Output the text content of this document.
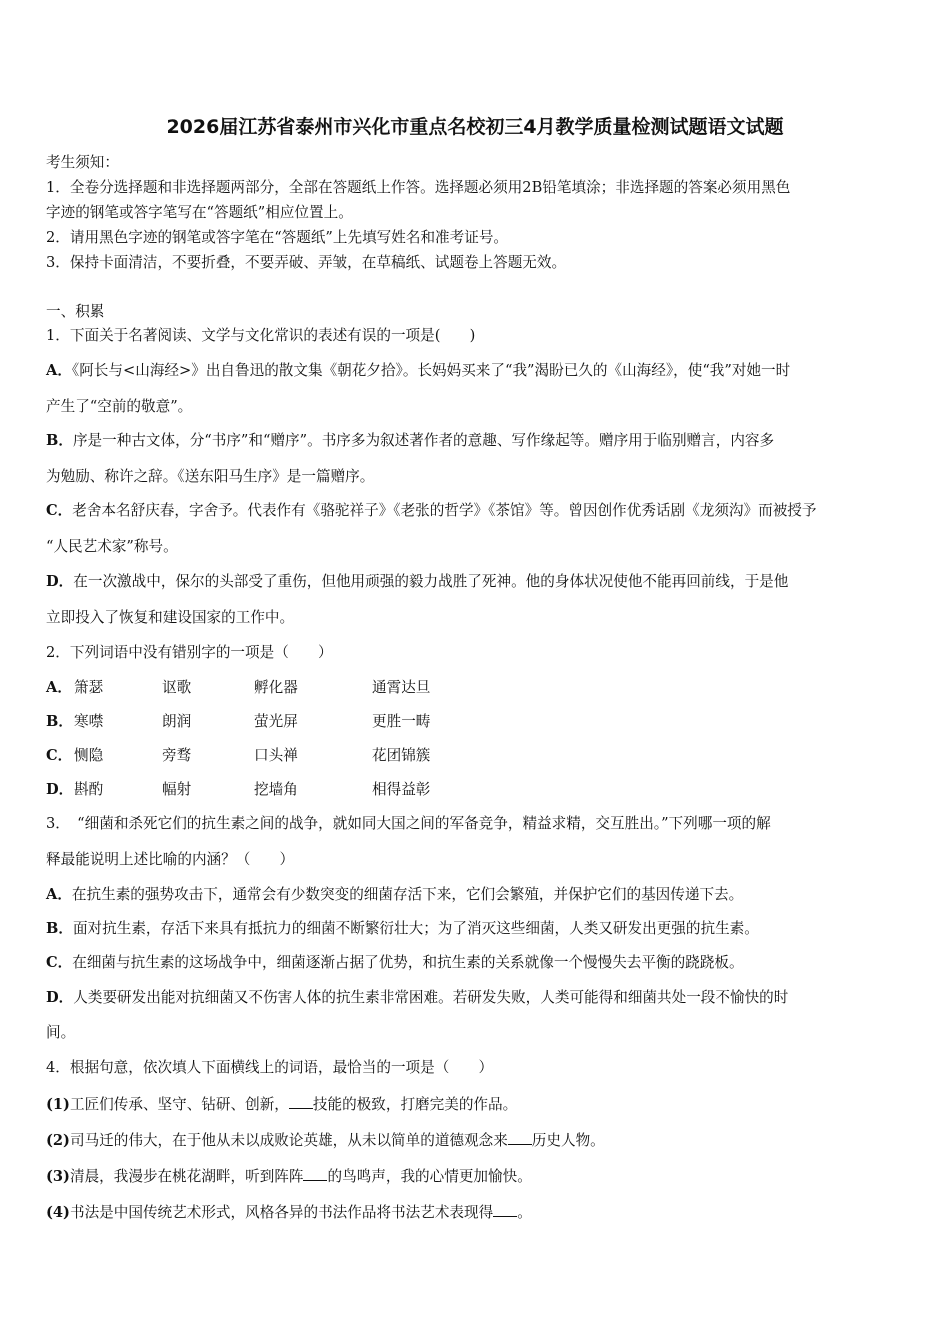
2026届江苏省泰州市兴化市重点名校初三4月教学质量检测试题语文试题
考生须知：
1．全卷分选择题和非选择题两部分，全部在答题纸上作答。选择题必须用2B铅笔填涂；非选择题的答案必须用黑色
字迹的钢笔或答字笔写在“答题纸”相应位置上。
2．请用黑色字迹的钢笔或答字笔在“答题纸”上先填写姓名和准考证号。
3．保持卡面清洁，不要折叠，不要弄破、弄皱，在草稿纸、试题卷上答题无效。
一、积累
1．下面关于名著阅读、文学与文化常识的表述有误的一项是(　　)
A．《阿长与<山海经>》出自鲁迅的散文集《朝花夕拾》。长妈妈买来了“我”渴盼已久的《山海经》，使“我”对她一时
产生了“空前的敬意”。
B．序是一种古文体，分“书序”和“赠序”。书序多为叙述著作者的意趣、写作缘起等。赠序用于临别赠言，内容多
为勉励、称许之辞。《送东阳马生序》是一篇赠序。
C．老舍本名舒庆春，字舍予。代表作有《骆驼祥子》《老张的哲学》《茶馆》等。曾因创作优秀话剧《龙须沟》而被授予
“人民艺术家”称号。
D．在一次激战中，保尔的头部受了重伤，但他用顽强的毅力战胜了死神。他的身体状况使他不能再回前线，于是他
立即投入了恢复和建设国家的工作中。
2．下列词语中没有错别字的一项是（　　）
A． 箫瑟	讴歌	孵化器	通霄达旦
B．寒噤	朗润	萤光屏	更胜一畴
C． 恻隐	旁骛	口头禅	花团锦簇
D．斟酌	幅射	挖墙角	相得益彰
3．　“细菌和杀死它们的抗生素之间的战争，就如同大国之间的军备竞争，精益求精，交互胜出。”下列哪一项的解
释最能说明上述比喻的内涵？（　　）
A．在抗生素的强势攻击下，通常会有少数突变的细菌存活下来，它们会繁殖，并保护它们的基因传递下去。
B．面对抗生素，存活下来具有抵抗力的细菌不断繁衍壮大；为了消灭这些细菌，人类又研发出更强的抗生素。
C．在细菌与抗生素的这场战争中，细菌逐渐占据了优势，和抗生素的关系就像一个慢慢失去平衡的跷跷板。
D．人类要研发出能对抗细菌又不伤害人体的抗生素非常困难。若研发失败，人类可能得和细菌共处一段不愉快的时
间。
4．根据句意，依次填人下面横线上的词语，最恰当的一项是（　　）
(1)工匠们传承、坚守、钻研、创新， 技能的极致，打磨完美的作品。
(2)司马迁的伟大，在于他从未以成败论英雄，从未以简单的道德观念来 历史人物。
(3)清晨，我漫步在桃花湖畔，听到阵阵 的鸟鸣声，我的心情更加愉快。
(4)书法是中国传统艺术形式，风格各异的书法作品将书法艺术表现得 。
